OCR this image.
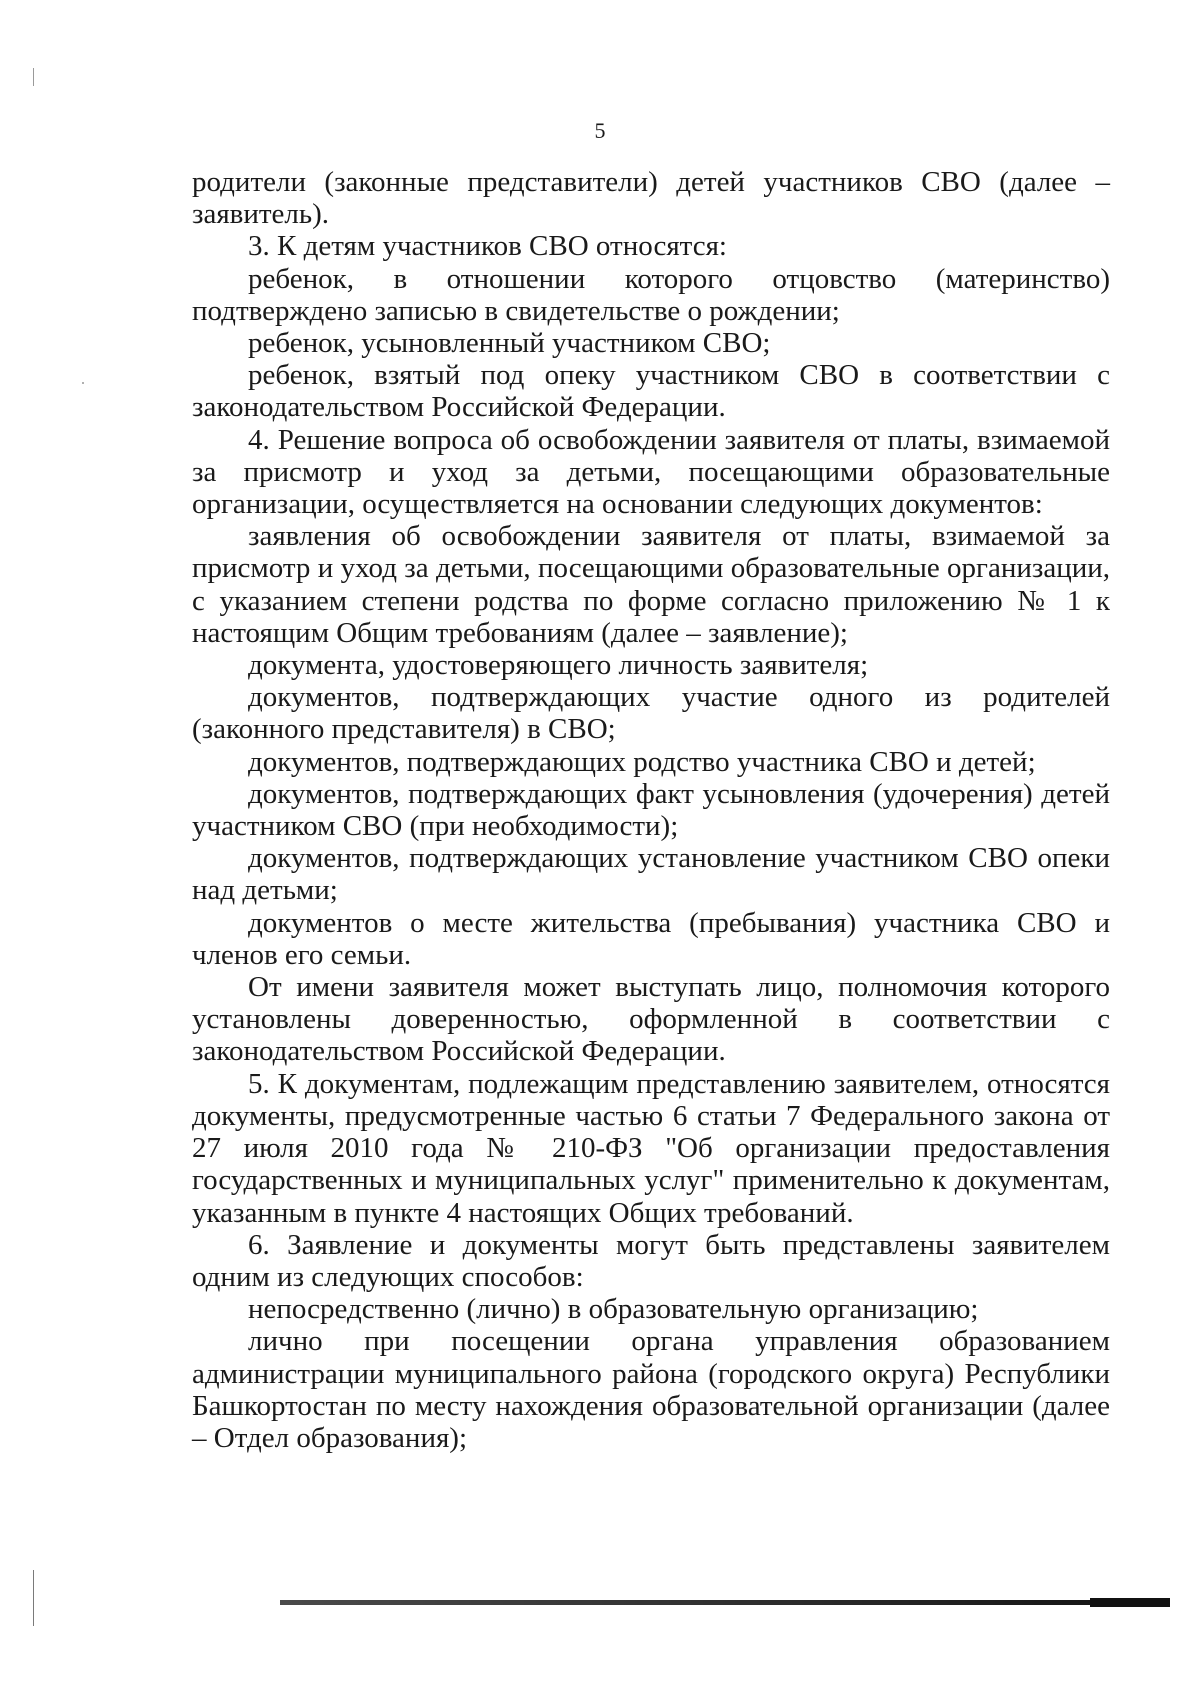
5

родители (законные представители) детей участников СВО (далее – заявитель).

3. К детям участников СВО относятся:

ребенок, в отношении которого отцовство (материнство) подтверждено записью в свидетельстве о рождении;

ребенок, усыновленный участником СВО;

ребенок, взятый под опеку участником СВО в соответствии с законодательством Российской Федерации.

4. Решение вопроса об освобождении заявителя от платы, взимаемой за присмотр и уход за детьми, посещающими образовательные организации, осуществляется на основании следующих документов:

заявления об освобождении заявителя от платы, взимаемой за присмотр и уход за детьми, посещающими образовательные организации, с указанием степени родства по форме согласно приложению № 1 к настоящим Общим требованиям (далее – заявление);

документа, удостоверяющего личность заявителя;

документов, подтверждающих участие одного из родителей (законного представителя) в СВО;

документов, подтверждающих родство участника СВО и детей;

документов, подтверждающих факт усыновления (удочерения) детей участником СВО (при необходимости);

документов, подтверждающих установление участником СВО опеки над детьми;

документов о месте жительства (пребывания) участника СВО и членов его семьи.

От имени заявителя может выступать лицо, полномочия которого установлены доверенностью, оформленной в соответствии с законодательством Российской Федерации.

5. К документам, подлежащим представлению заявителем, относятся документы, предусмотренные частью 6 статьи 7 Федерального закона от 27 июля 2010 года № 210-ФЗ "Об организации предоставления государственных и муниципальных услуг" применительно к документам, указанным в пункте 4 настоящих Общих требований.

6. Заявление и документы могут быть представлены заявителем одним из следующих способов:

непосредственно (лично) в образовательную организацию;

лично при посещении органа управления образованием администрации муниципального района (городского округа) Республики Башкортостан по месту нахождения образовательной организации (далее – Отдел образования);
